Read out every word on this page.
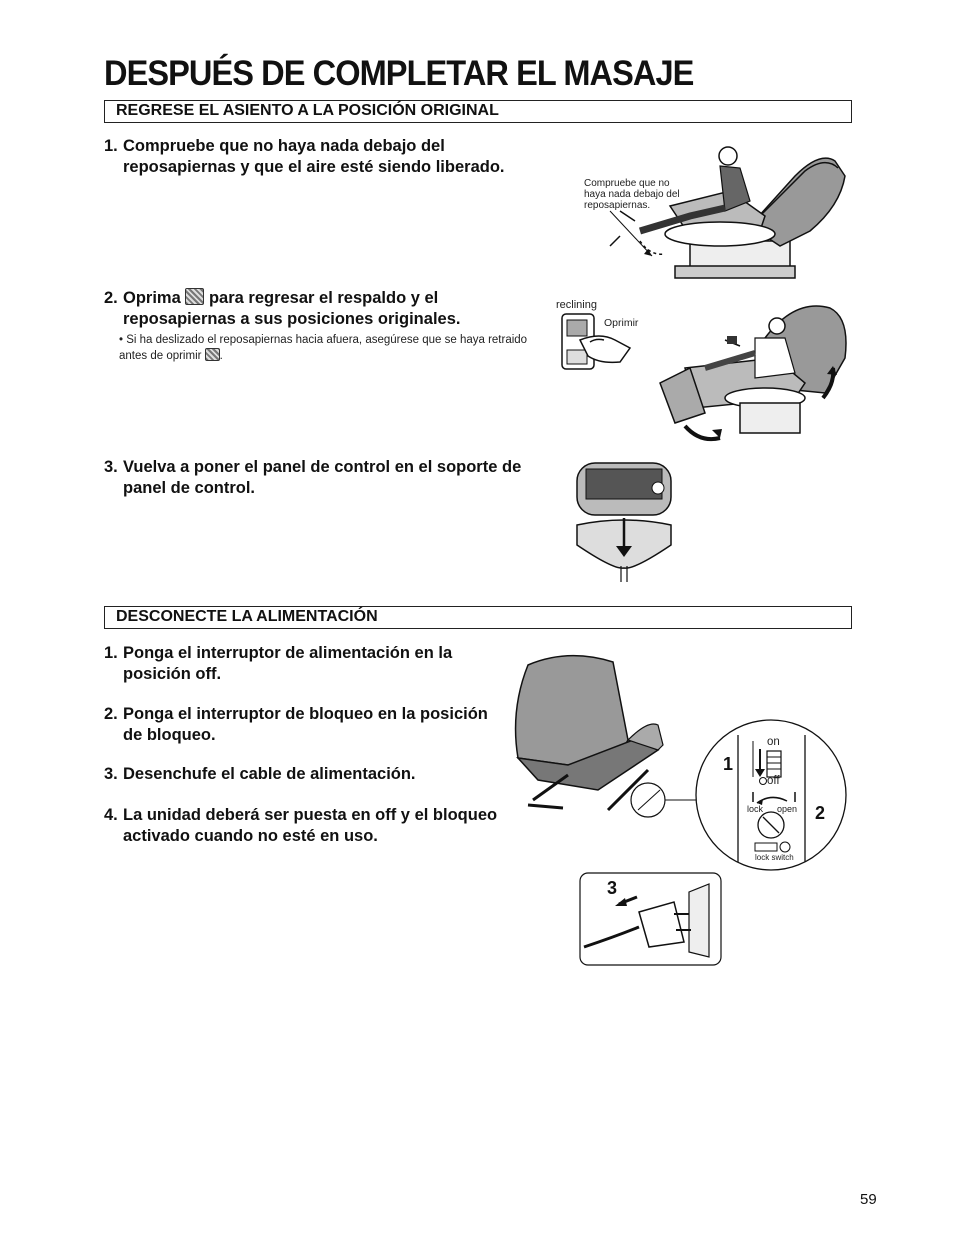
DESPUÉS DE COMPLETAR EL MASAJE
REGRESE EL ASIENTO A LA POSICIÓN ORIGINAL
1. Compruebe que no haya nada debajo del reposapiernas y que el aire esté siendo liberado.
2. Oprima para regresar el respaldo y el reposapiernas a sus posiciones originales.
• Si ha deslizado el reposapiernas hacia afuera, asegúrese que se haya retraido antes de oprimir .
3. Vuelva a poner el panel de control en el soporte de panel de control.
Compruebe que no haya nada debajo del reposapiernas.
reclining
Oprimir
DESCONECTE LA ALIMENTACIÓN
1. Ponga el interruptor de alimentación en la posición off.
2. Ponga el interruptor de bloqueo en la posición de bloqueo.
3. Desenchufe el cable de alimentación.
4. La unidad deberá ser puesta en off y el bloqueo activado cuando no esté en uso.
on
off
lock open
lock switch
1
2
3
59
